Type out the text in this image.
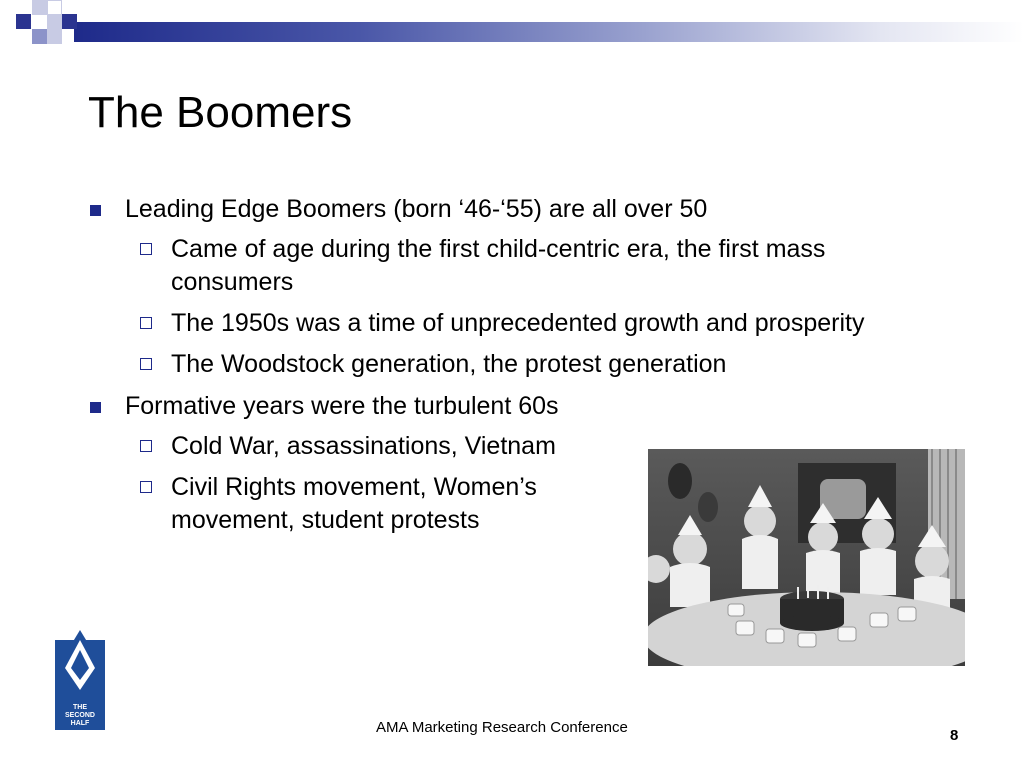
The Boomers
Leading Edge Boomers (born ‘46-‘55) are all over 50
Came of age during the first child-centric era, the first mass consumers
The 1950s was a time of unprecedented growth and prosperity
The Woodstock generation, the protest generation
Formative years were the turbulent 60s
Cold War, assassinations, Vietnam
Civil Rights movement, Women’s movement, student protests
THE
SECOND
HALF	AMA Marketing Research Conference	8
